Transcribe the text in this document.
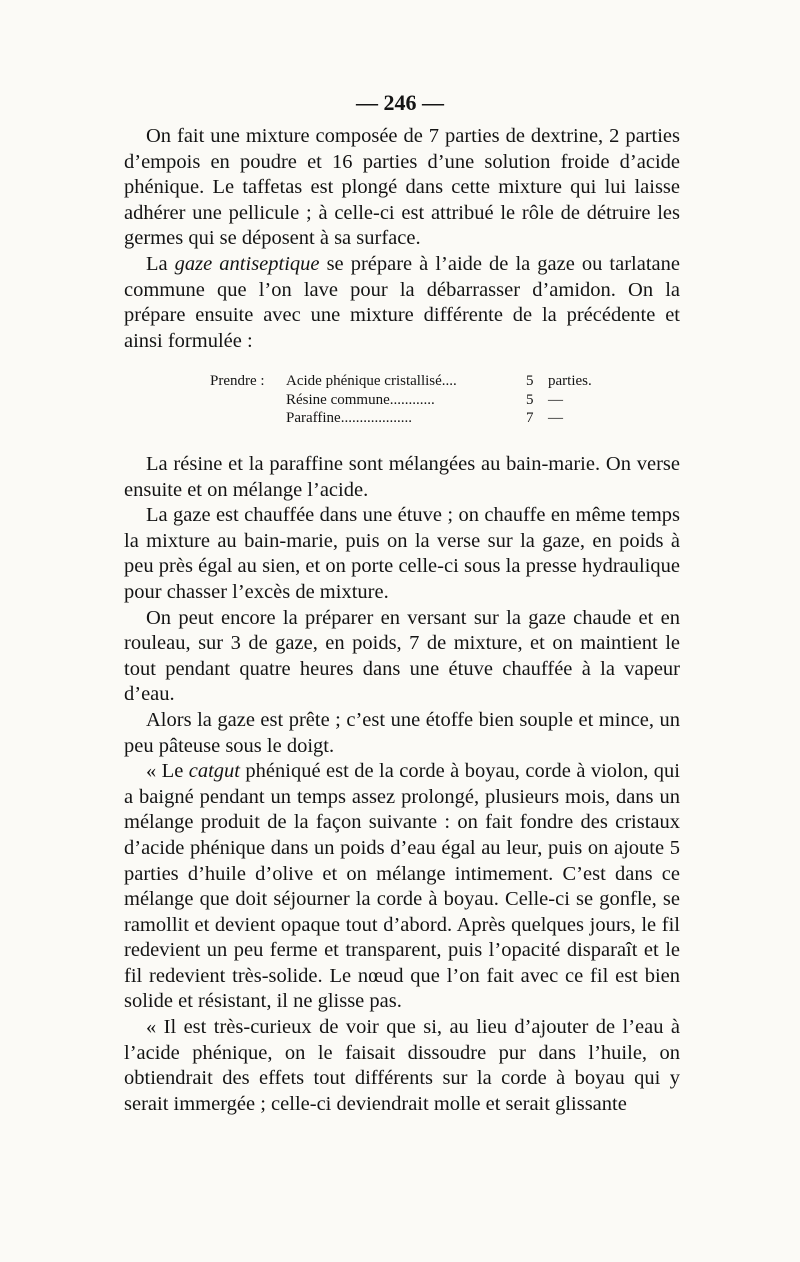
— 246 —

On fait une mixture composée de 7 parties de dextrine, 2 parties d’empois en poudre et 16 parties d’une solution froide d’acide phénique. Le taffetas est plongé dans cette mixture qui lui laisse adhérer une pellicule ; à celle-ci est attribué le rôle de détruire les germes qui se déposent à sa surface.

La gaze antiseptique se prépare à l’aide de la gaze ou tarlatane commune que l’on lave pour la débarrasser d’amidon. On la prépare ensuite avec une mixture différente de la précédente et ainsi formulée :

Prendre :	Acide phénique cristallisé....	5 parties.
Résine commune............	5 —
Paraffine...................	7 —

La résine et la paraffine sont mélangées au bain-marie. On verse ensuite et on mélange l’acide.

La gaze est chauffée dans une étuve ; on chauffe en même temps la mixture au bain-marie, puis on la verse sur la gaze, en poids à peu près égal au sien, et on porte celle-ci sous la presse hydraulique pour chasser l’excès de mixture.

On peut encore la préparer en versant sur la gaze chaude et en rouleau, sur 3 de gaze, en poids, 7 de mixture, et on maintient le tout pendant quatre heures dans une étuve chauffée à la vapeur d’eau.

Alors la gaze est prête ; c’est une étoffe bien souple et mince, un peu pâteuse sous le doigt.

« Le catgut phéniqué est de la corde à boyau, corde à violon, qui a baigné pendant un temps assez prolongé, plusieurs mois, dans un mélange produit de la façon suivante : on fait fondre des cristaux d’acide phénique dans un poids d’eau égal au leur, puis on ajoute 5 parties d’huile d’olive et on mélange intimement. C’est dans ce mélange que doit séjourner la corde à boyau. Celle-ci se gonfle, se ramollit et devient opaque tout d’abord. Après quelques jours, le fil redevient un peu ferme et transparent, puis l’opacité disparaît et le fil redevient très-solide. Le nœud que l’on fait avec ce fil est bien solide et résistant, il ne glisse pas.

« Il est très-curieux de voir que si, au lieu d’ajouter de l’eau à l’acide phénique, on le faisait dissoudre pur dans l’huile, on obtiendrait des effets tout différents sur la corde à boyau qui y serait immergée ; celle-ci deviendrait molle et serait glissante
